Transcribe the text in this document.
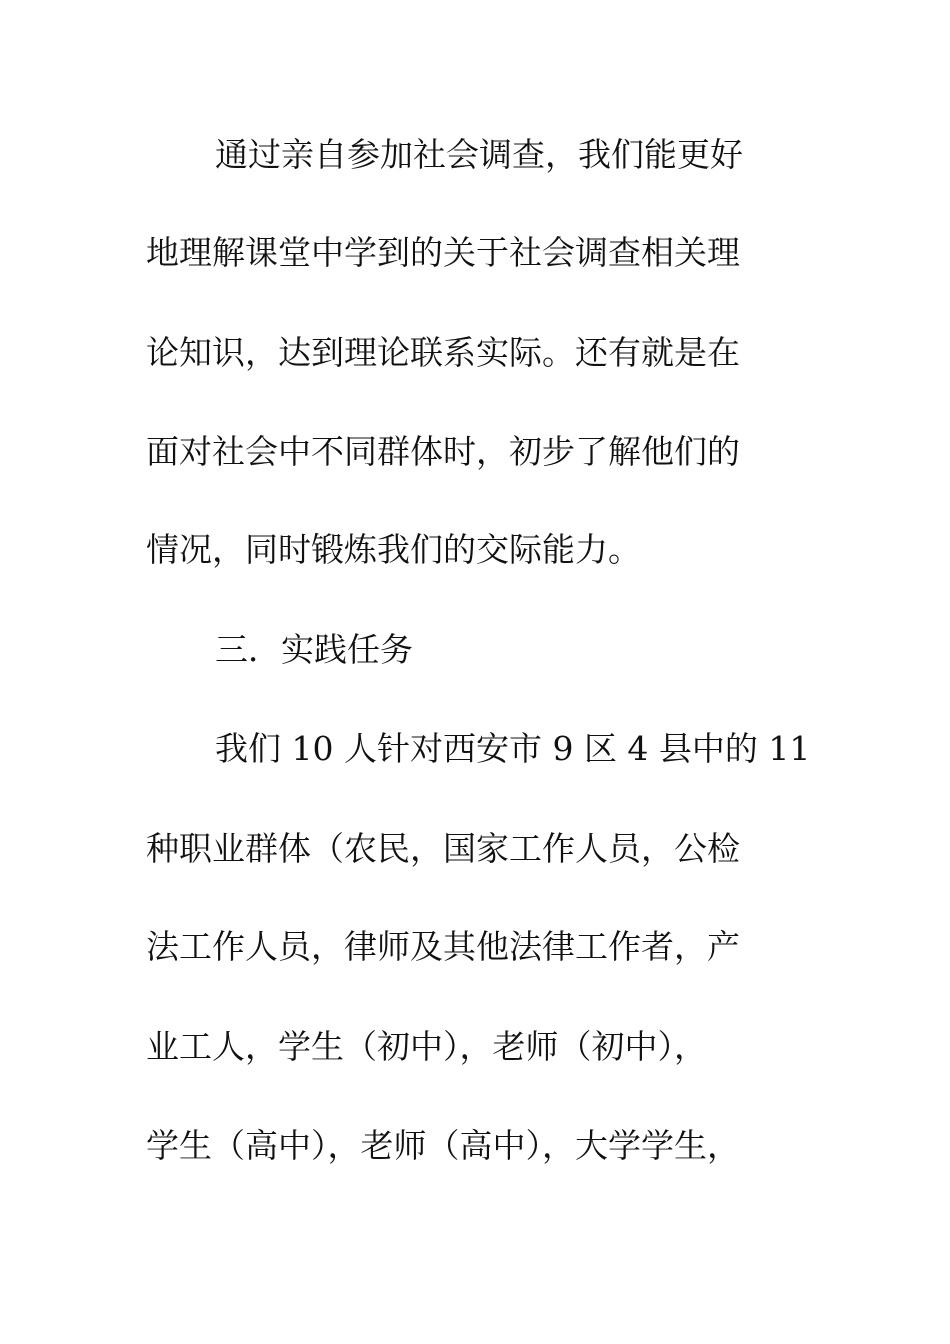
通过亲自参加社会调查，我们能更好
地理解课堂中学到的关于社会调查相关理
论知识，达到理论联系实际。还有就是在
面对社会中不同群体时，初步了解他们的
情况，同时锻炼我们的交际能力。
三．实践任务
我们 10 人针对西安市 9 区 4 县中的 11
种职业群体（农民，国家工作人员，公检
法工作人员，律师及其他法律工作者，产
业工人，学生（初中），老师（初中），
学生（高中），老师（高中），大学学生，
